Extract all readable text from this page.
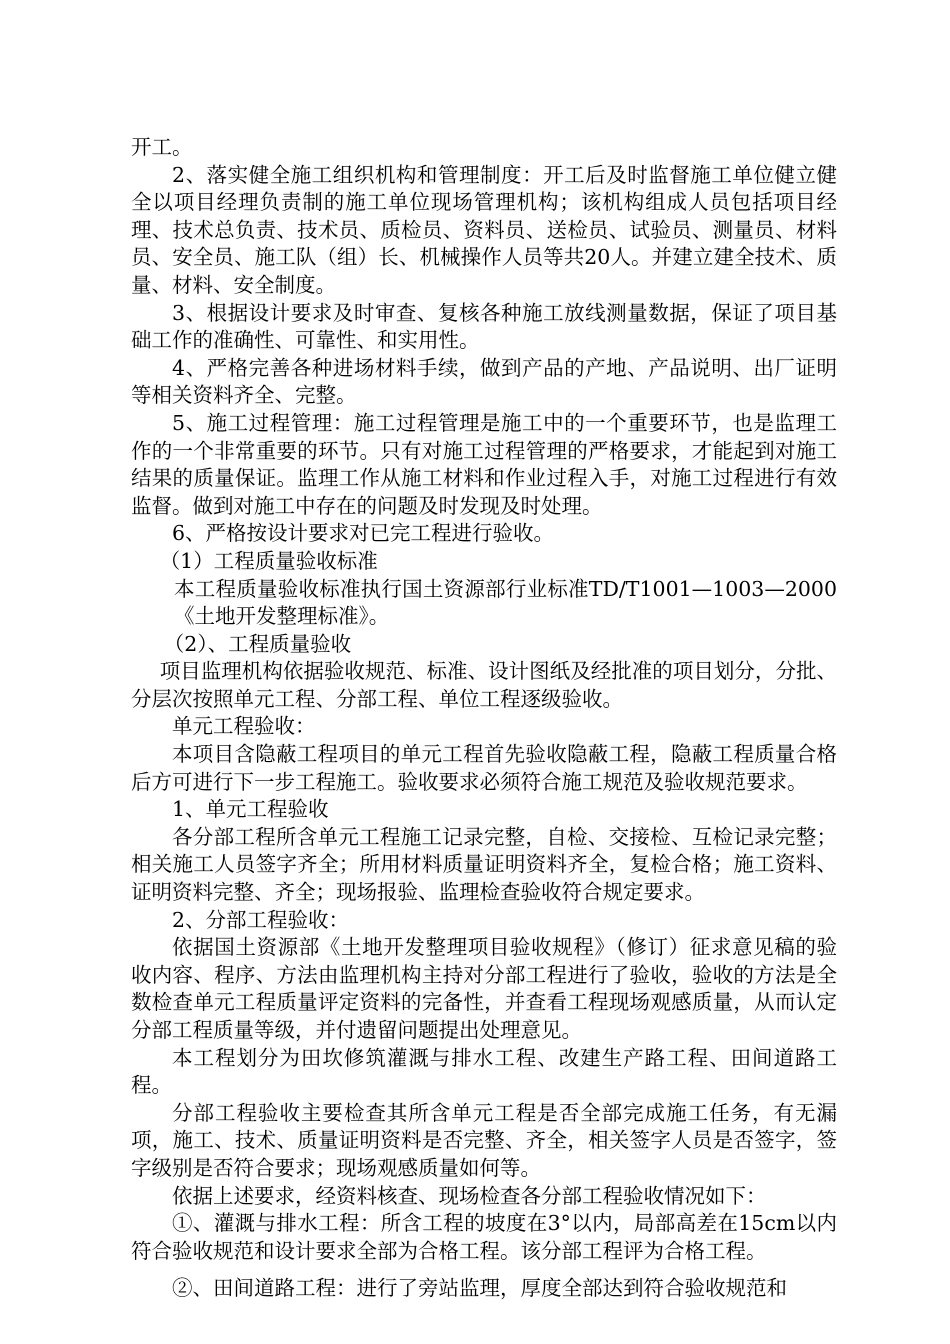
开工。

2、落实健全施工组织机构和管理制度：开工后及时监督施工单位健立健全以项目经理负责制的施工单位现场管理机构；该机构组成人员包括项目经理、技术总负责、技术员、质检员、资料员、送检员、试验员、测量员、材料员、安全员、施工队（组）长、机械操作人员等共20人。并建立建全技术、质量、材料、安全制度。

3、根据设计要求及时审查、复核各种施工放线测量数据，保证了项目基础工作的准确性、可靠性、和实用性。

4、严格完善各种进场材料手续，做到产品的产地、产品说明、出厂证明等相关资料齐全、完整。

5、施工过程管理：施工过程管理是施工中的一个重要环节，也是监理工作的一个非常重要的环节。只有对施工过程管理的严格要求，才能起到对施工结果的质量保证。监理工作从施工材料和作业过程入手，对施工过程进行有效监督。做到对施工中存在的问题及时发现及时处理。

6、严格按设计要求对已完工程进行验收。

（1）工程质量验收标准

本工程质量验收标准执行国土资源部行业标准TD/T1001—1003—2000《土地开发整理标准》。

（2）、工程质量验收

项目监理机构依据验收规范、标准、设计图纸及经批准的项目划分，分批、分层次按照单元工程、分部工程、单位工程逐级验收。

单元工程验收：

本项目含隐蔽工程项目的单元工程首先验收隐蔽工程，隐蔽工程质量合格后方可进行下一步工程施工。验收要求必须符合施工规范及验收规范要求。

1、单元工程验收

各分部工程所含单元工程施工记录完整，自检、交接检、互检记录完整；相关施工人员签字齐全；所用材料质量证明资料齐全，复检合格；施工资料、证明资料完整、齐全；现场报验、监理检查验收符合规定要求。

2、分部工程验收：

依据国土资源部《土地开发整理项目验收规程》（修订）征求意见稿的验收内容、程序、方法由监理机构主持对分部工程进行了验收，验收的方法是全数检查单元工程质量评定资料的完备性，并查看工程现场观感质量，从而认定分部工程质量等级，并付遗留问题提出处理意见。

本工程划分为田坎修筑灌溉与排水工程、改建生产路工程、田间道路工程。

分部工程验收主要检查其所含单元工程是否全部完成施工任务，有无漏项，施工、技术、质量证明资料是否完整、齐全，相关签字人员是否签字，签字级别是否符合要求；现场观感质量如何等。

依据上述要求，经资料核查、现场检查各分部工程验收情况如下：

①、灌溉与排水工程：所含工程的坡度在3°以内，局部高差在15cm以内符合验收规范和设计要求全部为合格工程。该分部工程评为合格工程。

②、田间道路工程：进行了旁站监理，厚度全部达到符合验收规范和
